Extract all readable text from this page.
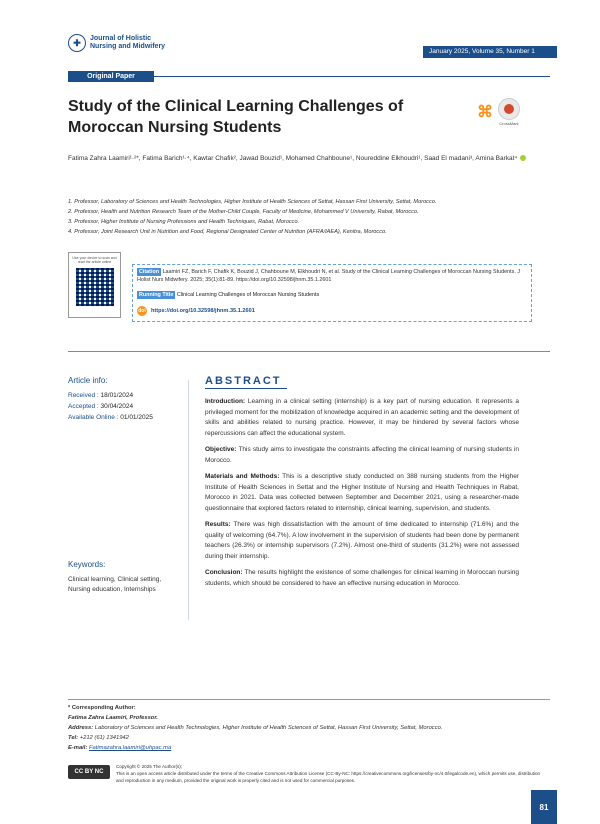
✚	Journal of Holistic
Nursing and Midwifery
January 2025, Volume 35, Number 1
Original Paper
Study of the Clinical Learning Challenges of Moroccan Nursing Students
⌘
CrossMark
Fatima Zahra Laamiri¹·²*, Fatima Barich¹·⁴, Kawtar Chafik², Jawad Bouzid¹, Mohamed Chahboune¹, Noureddine Elkhoudri¹, Saad El madani³, Amina Barkat⁴
1. Professor, Laboratory of Sciences and Health Technologies, Higher Institute of Health Sciences of Settat, Hassan First University, Settat, Morocco.
2. Professor, Health and Nutrition Research Team of the Mother-Child Couple, Faculty of Medicine, Mohammed V University, Rabat, Morocco.
3. Professor, Higher Institute of Nursing Professions and Health Techniques, Rabat, Morocco.
4. Professor, Joint Research Unit in Nutrition and Food, Regional Designated Center of Nutrition (AFRA/IAEA), Kenitra, Morocco.
Use your device to scan and read the article online
Citation Laamiri FZ, Barich F, Chafik K, Bouzid J, Chahboune M, Elkhoudri N, et al. Study of the Clinical Learning Challenges of Moroccan Nursing Students. J Holist Nurs Midwifery. 2025; 35(1):81-89. https://doi.org/10.32598/jhnm.35.1.2601
Running Title Clinical Learning Challenges of Moroccan Nursing Students
doi https://doi.org/10.32598/jhnm.35.1.2601
Article info:
Received : 18/01/2024
Accepted : 30/04/2024
Available Online : 01/01/2025
Keywords:
Clinical learning, Clinical setting, Nursing education, Internships
ABSTRACT

Introduction: Learning in a clinical setting (internship) is a key part of nursing education. It represents a privileged moment for the mobilization of knowledge acquired in an academic setting and the development of skills and abilities related to nursing practice. However, it may be hindered by several factors whose repercussions can affect the educational system.

Objective: This study aims to investigate the constraints affecting the clinical learning of nursing students in Morocco.

Materials and Methods: This is a descriptive study conducted on 388 nursing students from the Higher Institute of Health Sciences in Settat and the Higher Institute of Nursing and Health Techniques in Rabat, Morocco in 2021. Data was collected between September and December 2021, using a researcher-made questionnaire that explored factors related to internship, clinical learning, supervision, and students.

Results: There was high dissatisfaction with the amount of time dedicated to internship (71.6%) and the quality of welcoming (64.7%). A low involvement in the supervision of students had been done by permanent teachers (26.3%) or internship supervisors (7.2%). Almost one-third of students (31.2%) were not assessed during their internship.

Conclusion: The results highlight the existence of some challenges for clinical learning in Moroccan nursing students, which should be considered to have an effective nursing education in Morocco.

* Corresponding Author:
Fatima Zahra Laamiri, Professor.
Address: Laboratory of Sciences and Health Technologies, Higher Institute of Health Sciences of Settat, Hassan First University, Settat, Morocco.
Tel: +212 (61) 1341942
E-mail: Fatimazahra.laamiri@uhpac.ma
CC BY NC
Copyright © 2025 The Author(s);
This is an open access article distributed under the terms of the Creative Commons Attribution License (CC-By-NC: https://creativecommons.org/licenses/by-nc/4.0/legalcode.en), which permits use, distribution and reproduction in any medium, provided the original work is properly cited and is not used for commercial purposes.
81
